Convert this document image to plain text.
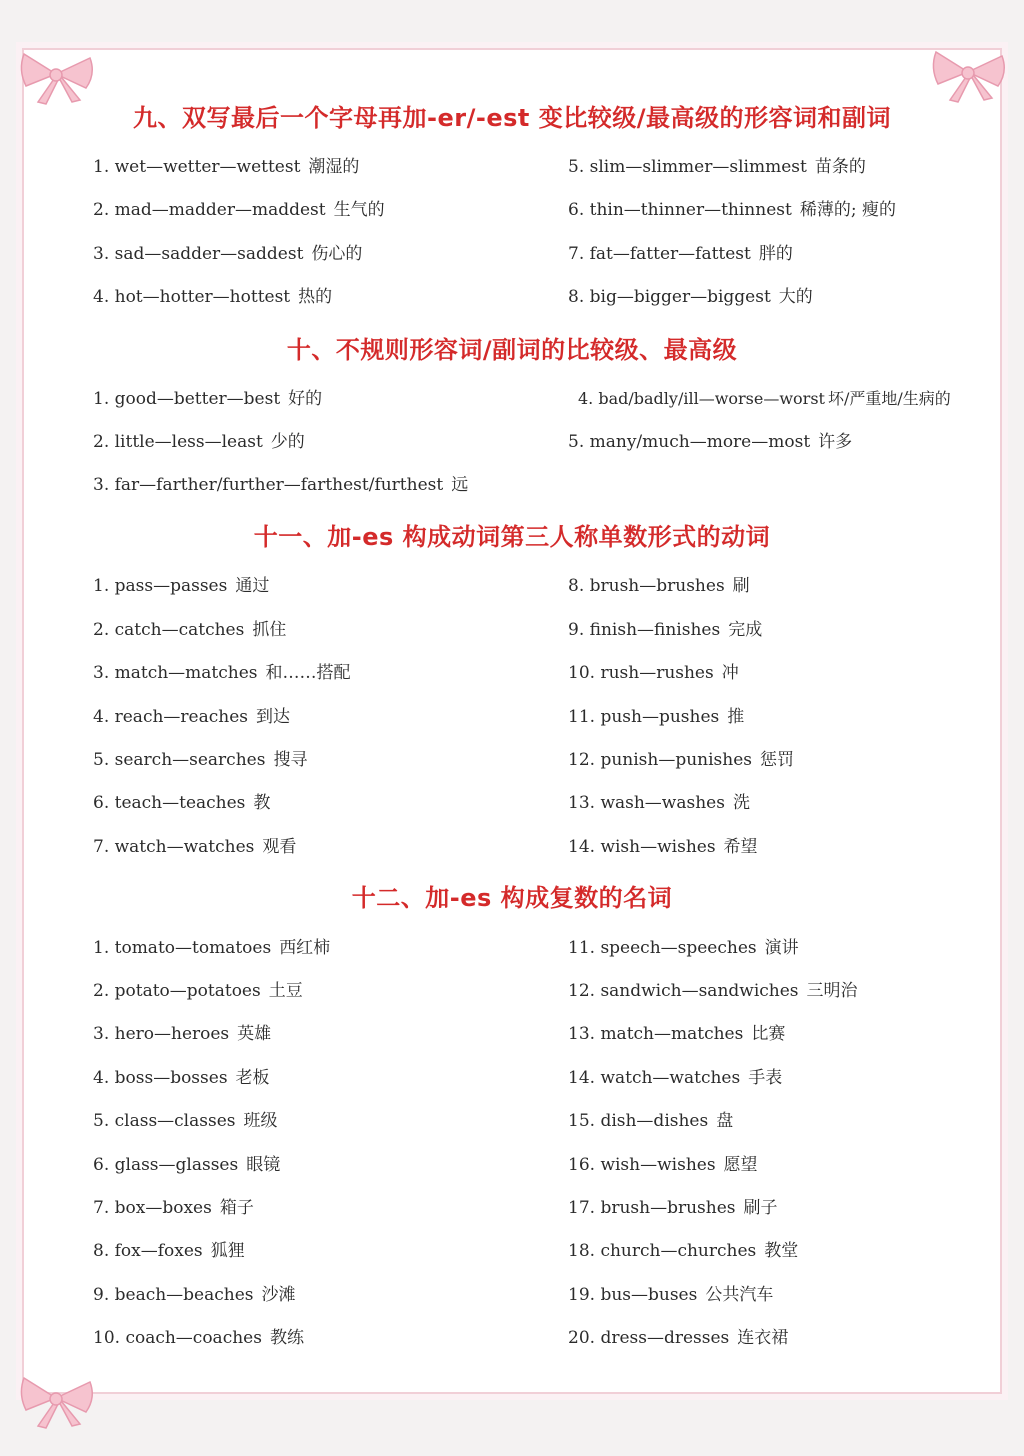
九、双写最后一个字母再加-er/-est 变比较级/最高级的形容词和副词
1. wet—wetter—wettest 潮湿的
2. mad—madder—maddest 生气的
3. sad—sadder—saddest 伤心的
4. hot—hotter—hottest 热的
5. slim—slimmer—slimmest 苗条的
6. thin—thinner—thinnest 稀薄的; 瘦的
7. fat—fatter—fattest 胖的
8. big—bigger—biggest 大的
十、不规则形容词/副词的比较级、最高级
1. good—better—best 好的
2. little—less—least 少的
3. far—farther/further—farthest/furthest 远
4. bad/badly/ill—worse—worst 坏/严重地/生病的
5. many/much—more—most 许多
十一、加-es 构成动词第三人称单数形式的动词
1. pass—passes 通过
2. catch—catches 抓住
3. match—matches 和……搭配
4. reach—reaches 到达
5. search—searches 搜寻
6. teach—teaches 教
7. watch—watches 观看
8. brush—brushes 刷
9. finish—finishes 完成
10. rush—rushes 冲
11. push—pushes 推
12. punish—punishes 惩罚
13. wash—washes 洗
14. wish—wishes 希望
十二、加-es 构成复数的名词
1. tomato—tomatoes 西红柿
2. potato—potatoes 土豆
3. hero—heroes 英雄
4. boss—bosses 老板
5. class—classes 班级
6. glass—glasses 眼镜
7. box—boxes 箱子
8. fox—foxes 狐狸
9. beach—beaches 沙滩
10. coach—coaches 教练
11. speech—speeches 演讲
12. sandwich—sandwiches 三明治
13. match—matches 比赛
14. watch—watches 手表
15. dish—dishes 盘
16. wish—wishes 愿望
17. brush—brushes 刷子
18. church—churches 教堂
19. bus—buses 公共汽车
20. dress—dresses 连衣裙
